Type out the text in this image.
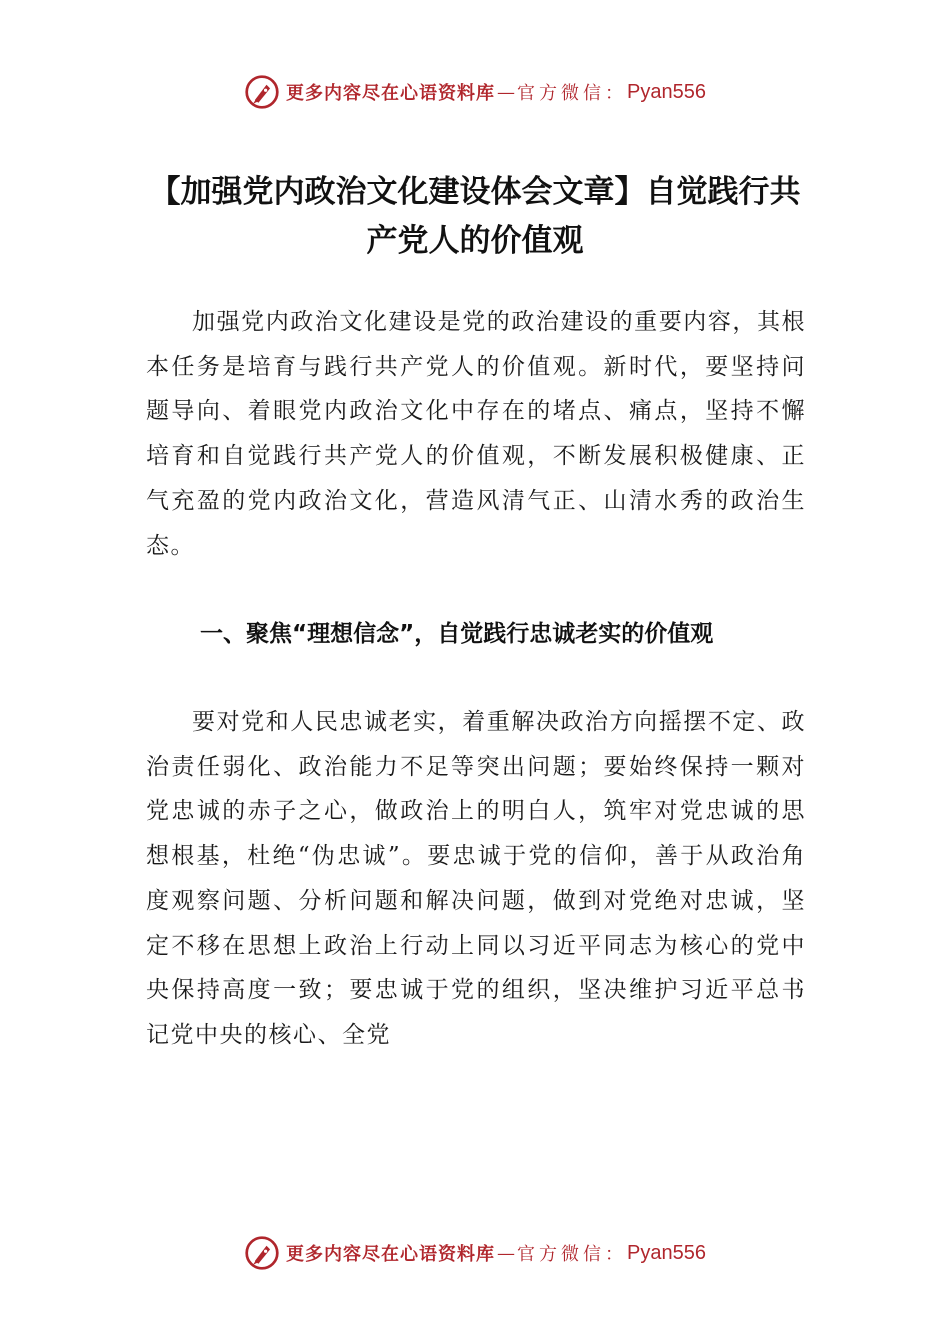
更多内容尽在心语资料库 — 官方微信： Pyan556
【加强党内政治文化建设体会文章】自觉践行共产党人的价值观

加强党内政治文化建设是党的政治建设的重要内容，其根本任务是培育与践行共产党人的价值观。新时代，要坚持问题导向、着眼党内政治文化中存在的堵点、痛点，坚持不懈培育和自觉践行共产党人的价值观，不断发展积极健康、正气充盈的党内政治文化，营造风清气正、山清水秀的政治生态。

一、聚焦“理想信念”，自觉践行忠诚老实的价值观

要对党和人民忠诚老实，着重解决政治方向摇摆不定、政治责任弱化、政治能力不足等突出问题；要始终保持一颗对党忠诚的赤子之心，做政治上的明白人，筑牢对党忠诚的思想根基，杜绝“伪忠诚”。要忠诚于党的信仰，善于从政治角度观察问题、分析问题和解决问题，做到对党绝对忠诚，坚定不移在思想上政治上行动上同以习近平同志为核心的党中央保持高度一致；要忠诚于党的组织，坚决维护习近平总书记党中央的核心、全党

更多内容尽在心语资料库 — 官方微信： Pyan556
